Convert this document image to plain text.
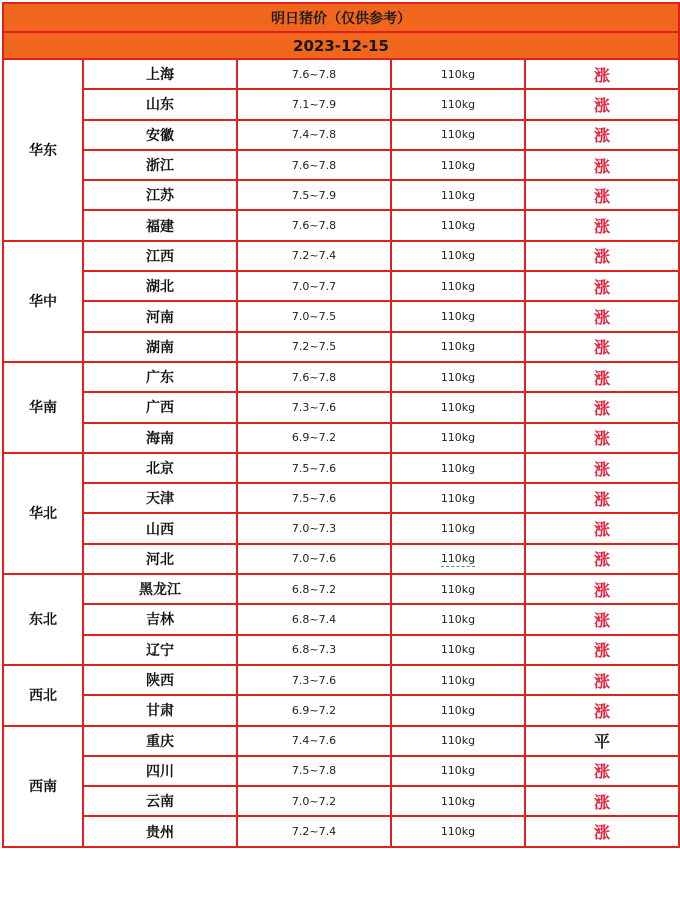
明日猪价（仅供参考）				
2023-12-15				
华东	上海	7.6~7.8	110kg	涨
	山东	7.1~7.9	110kg	涨
	安徽	7.4~7.8	110kg	涨
	浙江	7.6~7.8	110kg	涨
	江苏	7.5~7.9	110kg	涨
	福建	7.6~7.8	110kg	涨
华中	江西	7.2~7.4	110kg	涨
	湖北	7.0~7.7	110kg	涨
	河南	7.0~7.5	110kg	涨
	湖南	7.2~7.5	110kg	涨
华南	广东	7.6~7.8	110kg	涨
	广西	7.3~7.6	110kg	涨
	海南	6.9~7.2	110kg	涨
华北	北京	7.5~7.6	110kg	涨
	天津	7.5~7.6	110kg	涨
	山西	7.0~7.3	110kg	涨
	河北	7.0~7.6	110kg	涨
东北	黑龙江	6.8~7.2	110kg	涨
	吉林	6.8~7.4	110kg	涨
	辽宁	6.8~7.3	110kg	涨
西北	陕西	7.3~7.6	110kg	涨
	甘肃	6.9~7.2	110kg	涨
西南	重庆	7.4~7.6	110kg	平
	四川	7.5~7.8	110kg	涨
	云南	7.0~7.2	110kg	涨
	贵州	7.2~7.4	110kg	涨
